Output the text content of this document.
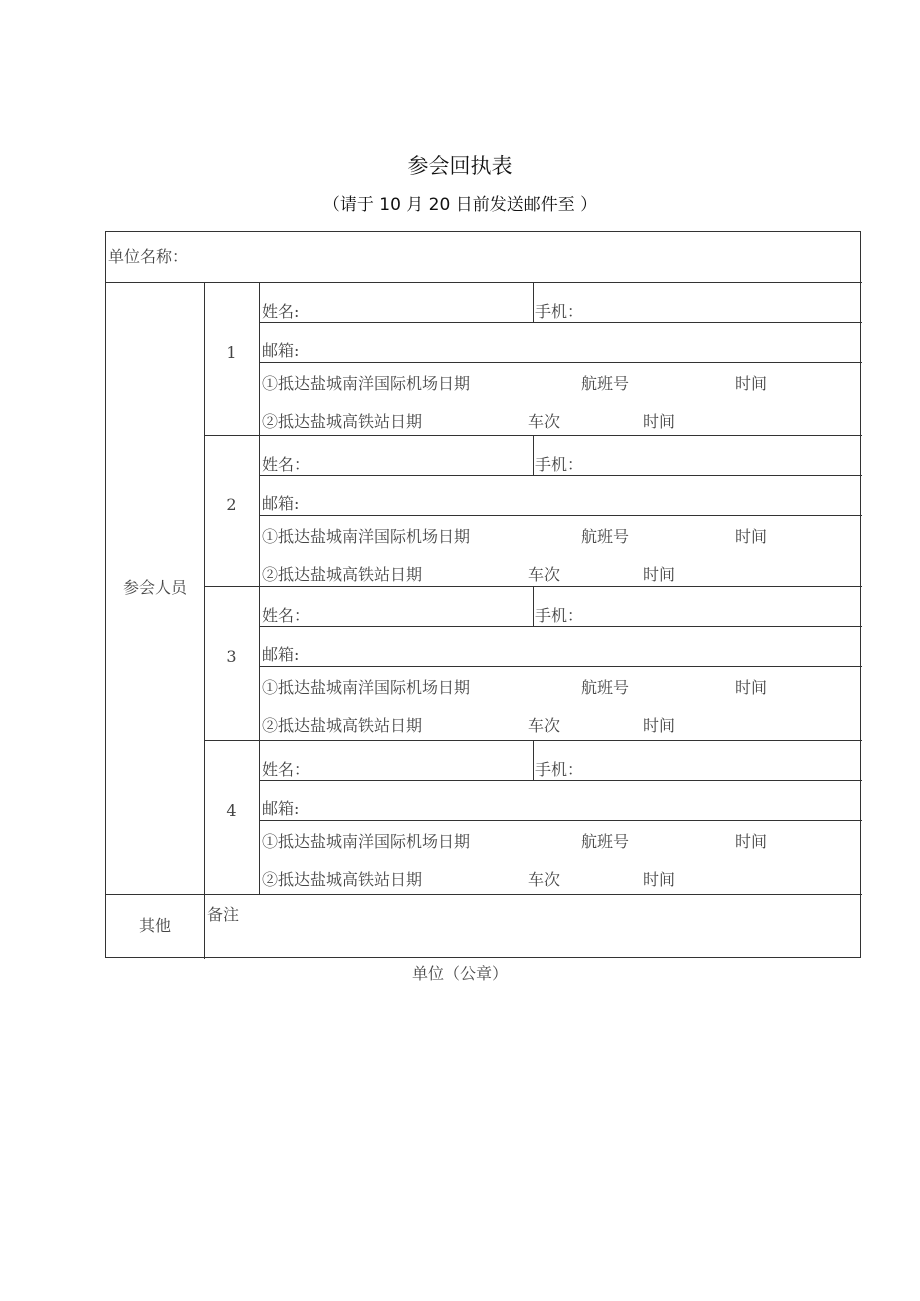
参会回执表
（请于 10 月 20 日前发送邮件至 ）
单位名称：
参会人员
1
姓名:	手机：
邮箱:
①抵达盐城南洋国际机场日期	航班号	时间
②抵达盐城高铁站日期	车次	时间
2
姓名：	手机：
邮箱:
①抵达盐城南洋国际机场日期	航班号	时间
②抵达盐城高铁站日期	车次	时间
3
姓名：	手机：
邮箱:
①抵达盐城南洋国际机场日期	航班号	时间
②抵达盐城高铁站日期	车次	时间
4
姓名：	手机：
邮箱:
①抵达盐城南洋国际机场日期	航班号	时间
②抵达盐城高铁站日期	车次	时间
其他
备注
单位（公章）
